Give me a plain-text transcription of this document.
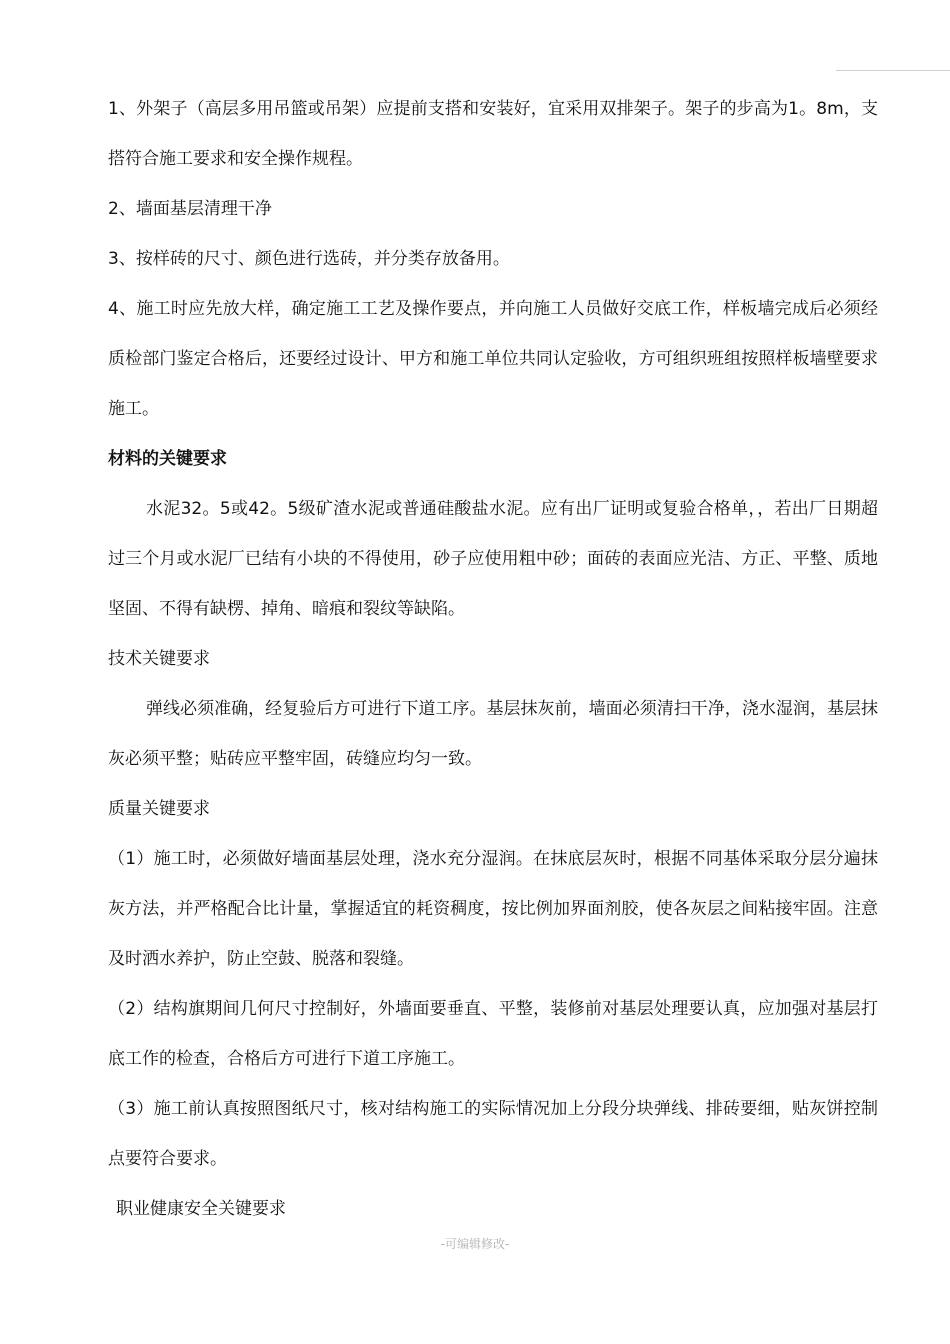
1、外架子（高层多用吊篮或吊架）应提前支搭和安装好，宜采用双排架子。架子的步高为1。8m，支搭符合施工要求和安全操作规程。

2、墙面基层清理干净

3、按样砖的尺寸、颜色进行选砖，并分类存放备用。

4、施工时应先放大样，确定施工工艺及操作要点，并向施工人员做好交底工作，样板墙完成后必须经质检部门鉴定合格后，还要经过设计、甲方和施工单位共同认定验收，方可组织班组按照样板墙壁要求施工。

材料的关键要求

水泥32。5或42。5级矿渣水泥或普通硅酸盐水泥。应有出厂证明或复验合格单，，若出厂日期超过三个月或水泥厂已结有小块的不得使用，砂子应使用粗中砂；面砖的表面应光洁、方正、平整、质地坚固、不得有缺楞、掉角、暗痕和裂纹等缺陷。

技术关键要求

弹线必须准确，经复验后方可进行下道工序。基层抹灰前，墙面必须清扫干净，浇水湿润，基层抹灰必须平整；贴砖应平整牢固，砖缝应均匀一致。

质量关键要求

（1）施工时，必须做好墙面基层处理，浇水充分湿润。在抹底层灰时，根据不同基体采取分层分遍抹灰方法，并严格配合比计量，掌握适宜的耗资稠度，按比例加界面剂胶，使各灰层之间粘接牢固。注意及时洒水养护，防止空鼓、脱落和裂缝。

（2）结构旗期间几何尺寸控制好，外墙面要垂直、平整，装修前对基层处理要认真，应加强对基层打底工作的检查，合格后方可进行下道工序施工。

（3）施工前认真按照图纸尺寸，核对结构施工的实际情况加上分段分块弹线、排砖要细，贴灰饼控制点要符合要求。

职业健康安全关键要求

-可编辑修改-
